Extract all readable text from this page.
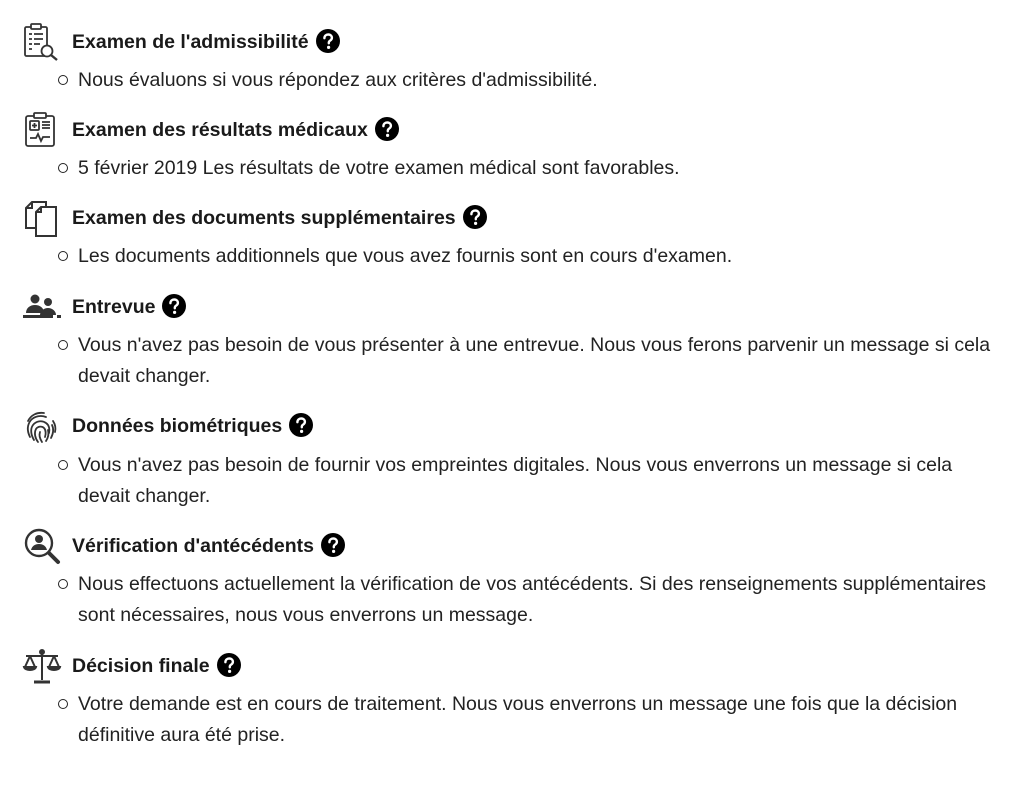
Examen de l'admissibilité
Nous évaluons si vous répondez aux critères d'admissibilité.
Examen des résultats médicaux
5 février 2019 Les résultats de votre examen médical sont favorables.
Examen des documents supplémentaires
Les documents additionnels que vous avez fournis sont en cours d'examen.
Entrevue
Vous n'avez pas besoin de vous présenter à une entrevue. Nous vous ferons parvenir un message si cela devait changer.
Données biométriques
Vous n'avez pas besoin de fournir vos empreintes digitales. Nous vous enverrons un message si cela devait changer.
Vérification d'antécédents
Nous effectuons actuellement la vérification de vos antécédents. Si des renseignements supplémentaires sont nécessaires, nous vous enverrons un message.
Décision finale
Votre demande est en cours de traitement. Nous vous enverrons un message une fois que la décision définitive aura été prise.
